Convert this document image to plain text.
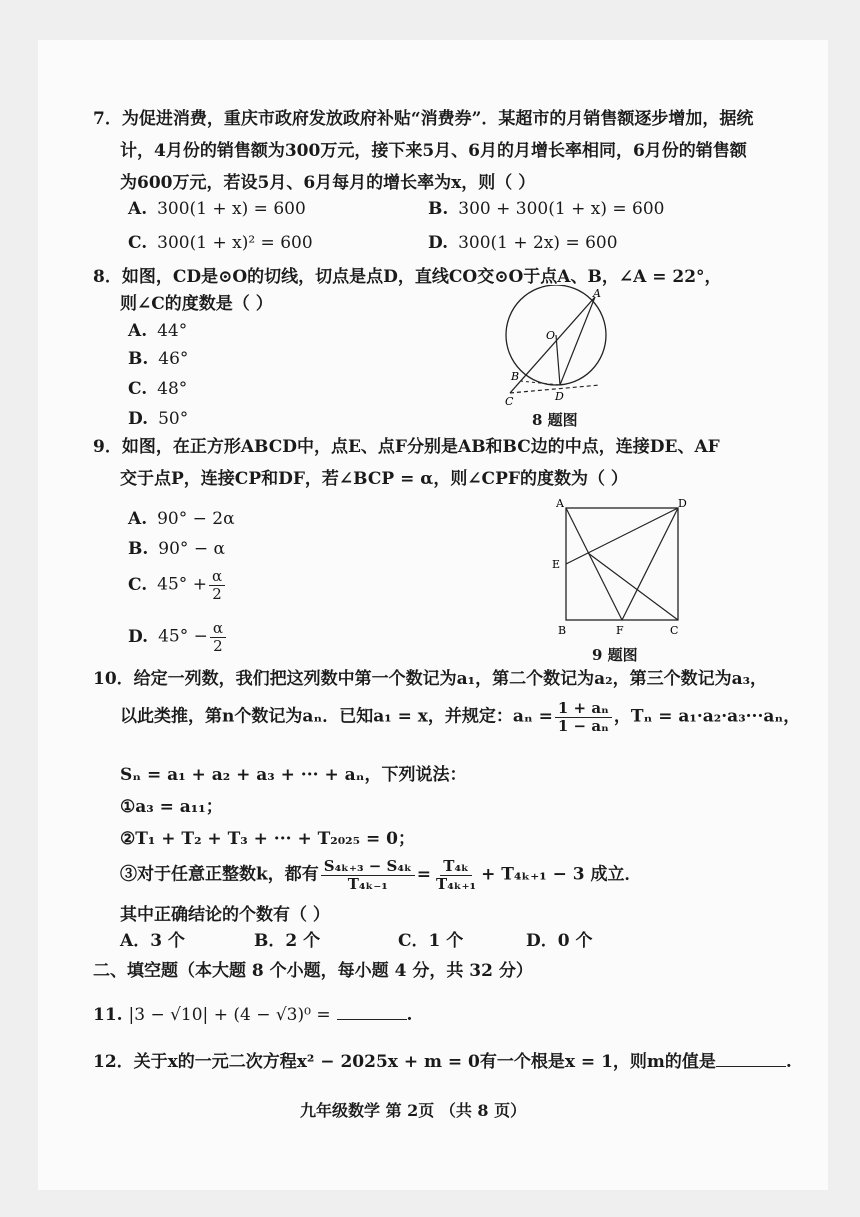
7．为促进消费，重庆市政府发放政府补贴“消费券”．某超市的月销售额逐步增加，据统
计，4月份的销售额为300万元，接下来5月、6月的月增长率相同，6月份的销售额
为600万元，若设5月、6月每月的增长率为x，则（ ）
A. 300(1 + x) = 600	B. 300 + 300(1 + x) = 600
C. 300(1 + x)² = 600	D. 300(1 + 2x) = 600
8．如图，CD是⊙O的切线，切点是点D，直线CO交⊙O于点A、B，∠A = 22°，
则∠C的度数是（ ）
A. 44°
B. 46°
C. 48°
D. 50°
A
O
B
C	D
8 题图
9．如图，在正方形ABCD中，点E、点F分别是AB和BC边的中点，连接DE、AF
交于点P，连接CP和DF，若∠BCP = α，则∠CPF的度数为（ ）
A. 90° − 2α
B. 90° − α
C. $45^\circ + \frac{\alpha}{2}$
D. $45^\circ - \frac{\alpha}{2}$
A	D
E
B	F	C
9 题图
10．给定一列数，我们把这列数中第一个数记为a₁，第二个数记为a₂，第三个数记为a₃，
以此类推，第n个数记为aₙ．已知a₁ = x，并规定：$a_n = \frac{\text{1 + aₙ}}{\text{1 − aₙ}}$ ，Tₙ = a₁·a₂·a₃···aₙ，
Sₙ = a₁ + a₂ + a₃ + ··· + aₙ，下列说法：
①a₃ = a₁₁；
②T₁ + T₂ + T₃ + ··· + T₂₀₂₅ = 0；
③对于任意正整数k，都有 $\frac{\text{S₄ₖ₊₃ − S₄ₖ}}{\text{T₄ₖ₋₁}} = \frac{\text{T₄ₖ}}{\text{T₄ₖ₊₁}} + T_{4k+1} - 3$ 成立．
其中正确结论的个数有（ ）
A．3 个	B．2 个	C．1 个	D．0 个
二、填空题（本大题 8 个小题，每小题 4 分，共 32 分）
11. |3 − √10| + (4 − √3)⁰ =	.
12．关于x的一元二次方程x² − 2025x + m = 0有一个根是x = 1，则m的值是	.
九年级数学 第 2页 （共 8 页）
